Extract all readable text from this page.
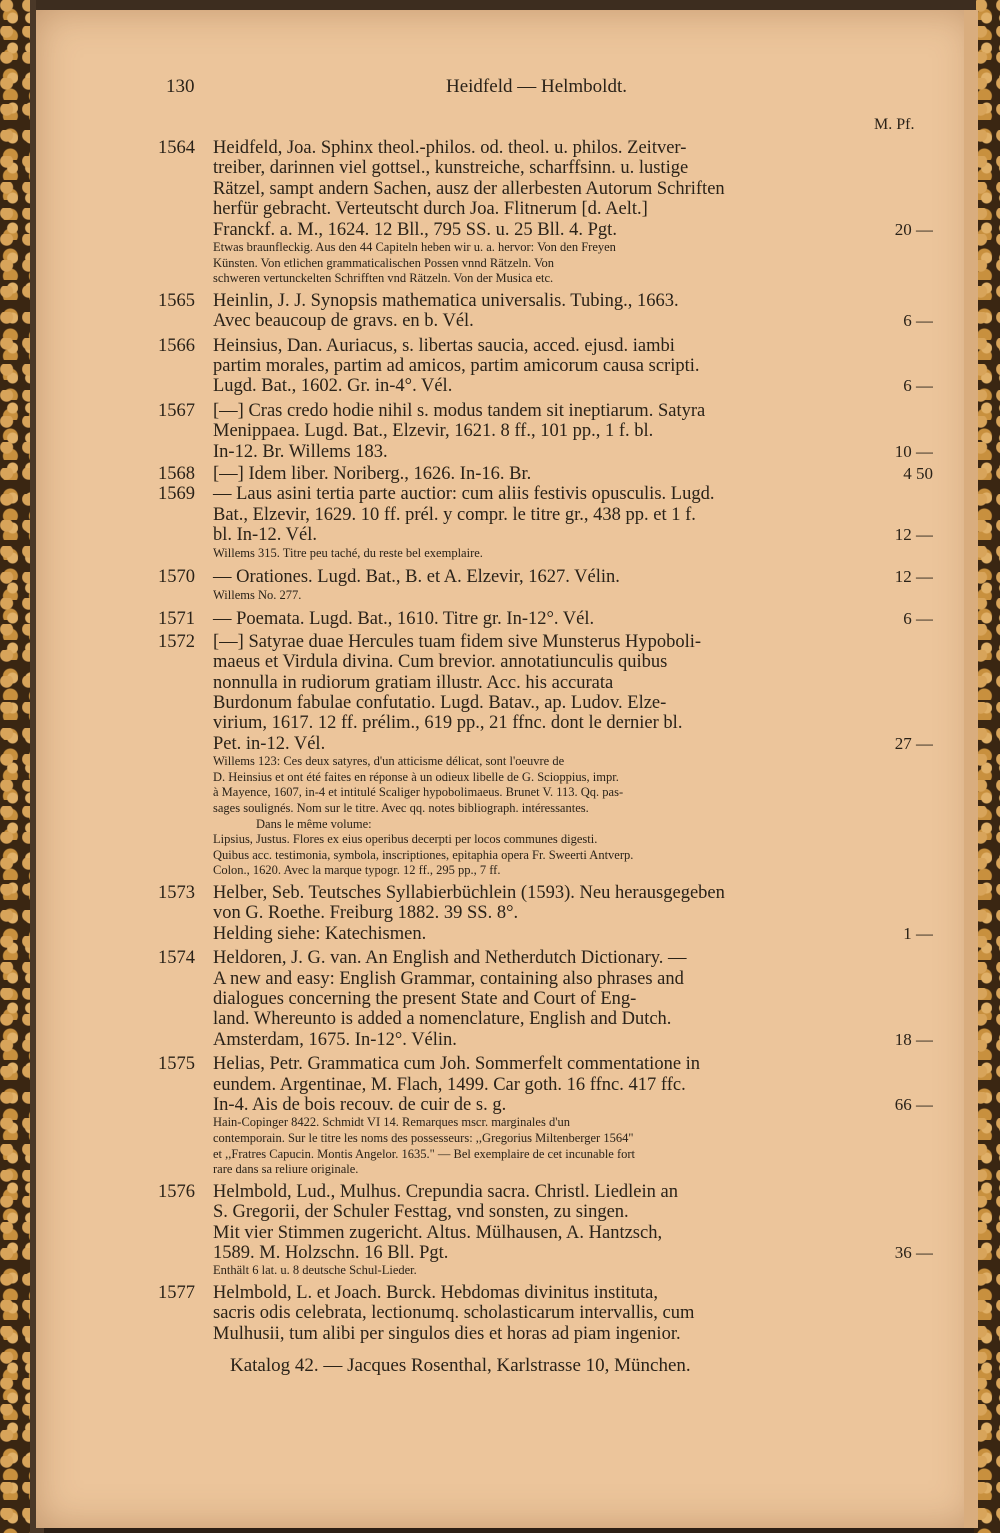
130	Heidfeld — Helmboldt.
M. Pf.
1564 Heidfeld, Joa. Sphinx theol.-philos. od. theol. u. philos. Zeitver-
treiber, darinnen viel gottsel., kunstreiche, scharffsinn. u. lustige
Rätzel, sampt andern Sachen, ausz der allerbesten Autorum Schriften
herfür gebracht. Verteutscht durch Joa. Flitnerum [d. Aelt.]
Franckf. a. M., 1624. 12 Bll., 795 SS. u. 25 Bll. 4. Pgt.	20 —
Etwas braunfleckig. Aus den 44 Capiteln heben wir u. a. hervor: Von den Freyen
Künsten. Von etlichen grammaticalischen Possen vnnd Rätzeln. Von
schweren vertunckelten Schrifften vnd Rätzeln. Von der Musica etc.
1565 Heinlin, J. J. Synopsis mathematica universalis. Tubing., 1663.
Avec beaucoup de gravs. en b. Vél.	6 —
1566 Heinsius, Dan. Auriacus, s. libertas saucia, acced. ejusd. iambi
partim morales, partim ad amicos, partim amicorum causa scripti.
Lugd. Bat., 1602. Gr. in-4°. Vél.	6 —
1567 [—] Cras credo hodie nihil s. modus tandem sit ineptiarum. Satyra
Menippaea. Lugd. Bat., Elzevir, 1621. 8 ff., 101 pp., 1 f. bl.
In-12. Br. Willems 183.	10 —
1568 [—] Idem liber. Noriberg., 1626. In-16. Br.	4 50
1569 — Laus asini tertia parte auctior: cum aliis festivis opusculis. Lugd.
Bat., Elzevir, 1629. 10 ff. prél. y compr. le titre gr., 438 pp. et 1 f.
bl. In-12. Vél.	12 —
Willems 315. Titre peu taché, du reste bel exemplaire.
1570 — Orationes. Lugd. Bat., B. et A. Elzevir, 1627. Vélin.	12 —
Willems No. 277.
1571 — Poemata. Lugd. Bat., 1610. Titre gr. In-12°. Vél.	6 —
1572 [—] Satyrae duae Hercules tuam fidem sive Munsterus Hypoboli-
maeus et Virdula divina. Cum brevior. annotatiunculis quibus
nonnulla in rudiorum gratiam illustr. Acc. his accurata
Burdonum fabulae confutatio. Lugd. Batav., ap. Ludov. Elze-
virium, 1617. 12 ff. prélim., 619 pp., 21 ffnc. dont le dernier bl.
Pet. in-12. Vél.	27 —
Willems 123: Ces deux satyres, d'un atticisme délicat, sont l'oeuvre de
D. Heinsius et ont été faites en réponse à un odieux libelle de G. Scioppius, impr.
à Mayence, 1607, in-4 et intitulé Scaliger hypobolimaeus. Brunet V. 113. Qq. pas-
sages soulignés. Nom sur le titre. Avec qq. notes bibliograph. intéressantes.
Dans le même volume:
Lipsius, Justus. Flores ex eius operibus decerpti per locos communes digesti.
Quibus acc. testimonia, symbola, inscriptiones, epitaphia opera Fr. Sweerti Antverp.
Colon., 1620. Avec la marque typogr. 12 ff., 295 pp., 7 ff.
1573 Helber, Seb. Teutsches Syllabierbüchlein (1593). Neu herausgegeben
von G. Roethe. Freiburg 1882. 39 SS. 8°.
Helding siehe: Katechismen.	1 —
1574 Heldoren, J. G. van. An English and Netherdutch Dictionary. —
A new and easy: English Grammar, containing also phrases and
dialogues concerning the present State and Court of Eng-
land. Whereunto is added a nomenclature, English and Dutch.
Amsterdam, 1675. In-12°. Vélin.	18 —
1575 Helias, Petr. Grammatica cum Joh. Sommerfelt commentatione in
eundem. Argentinae, M. Flach, 1499. Car goth. 16 ffnc. 417 ffc.
In-4. Ais de bois recouv. de cuir de s. g.	66 —
Hain-Copinger 8422. Schmidt VI 14. Remarques mscr. marginales d'un
contemporain. Sur le titre les noms des possesseurs: ,,Gregorius Miltenberger 1564"
et ,,Fratres Capucin. Montis Angelor. 1635." — Bel exemplaire de cet incunable fort
rare dans sa reliure originale.
1576 Helmbold, Lud., Mulhus. Crepundia sacra. Christl. Liedlein an
S. Gregorii, der Schuler Festtag, vnd sonsten, zu singen.
Mit vier Stimmen zugericht. Altus. Mülhausen, A. Hantzsch,
1589. M. Holzschn. 16 Bll. Pgt.	36 —
Enthält 6 lat. u. 8 deutsche Schul-Lieder.
1577 Helmbold, L. et Joach. Burck. Hebdomas divinitus instituta,
sacris odis celebrata, lectionumq. scholasticarum intervallis, cum
Mulhusii, tum alibi per singulos dies et horas ad piam ingenior.
Katalog 42. — Jacques Rosenthal, Karlstrasse 10, München.
